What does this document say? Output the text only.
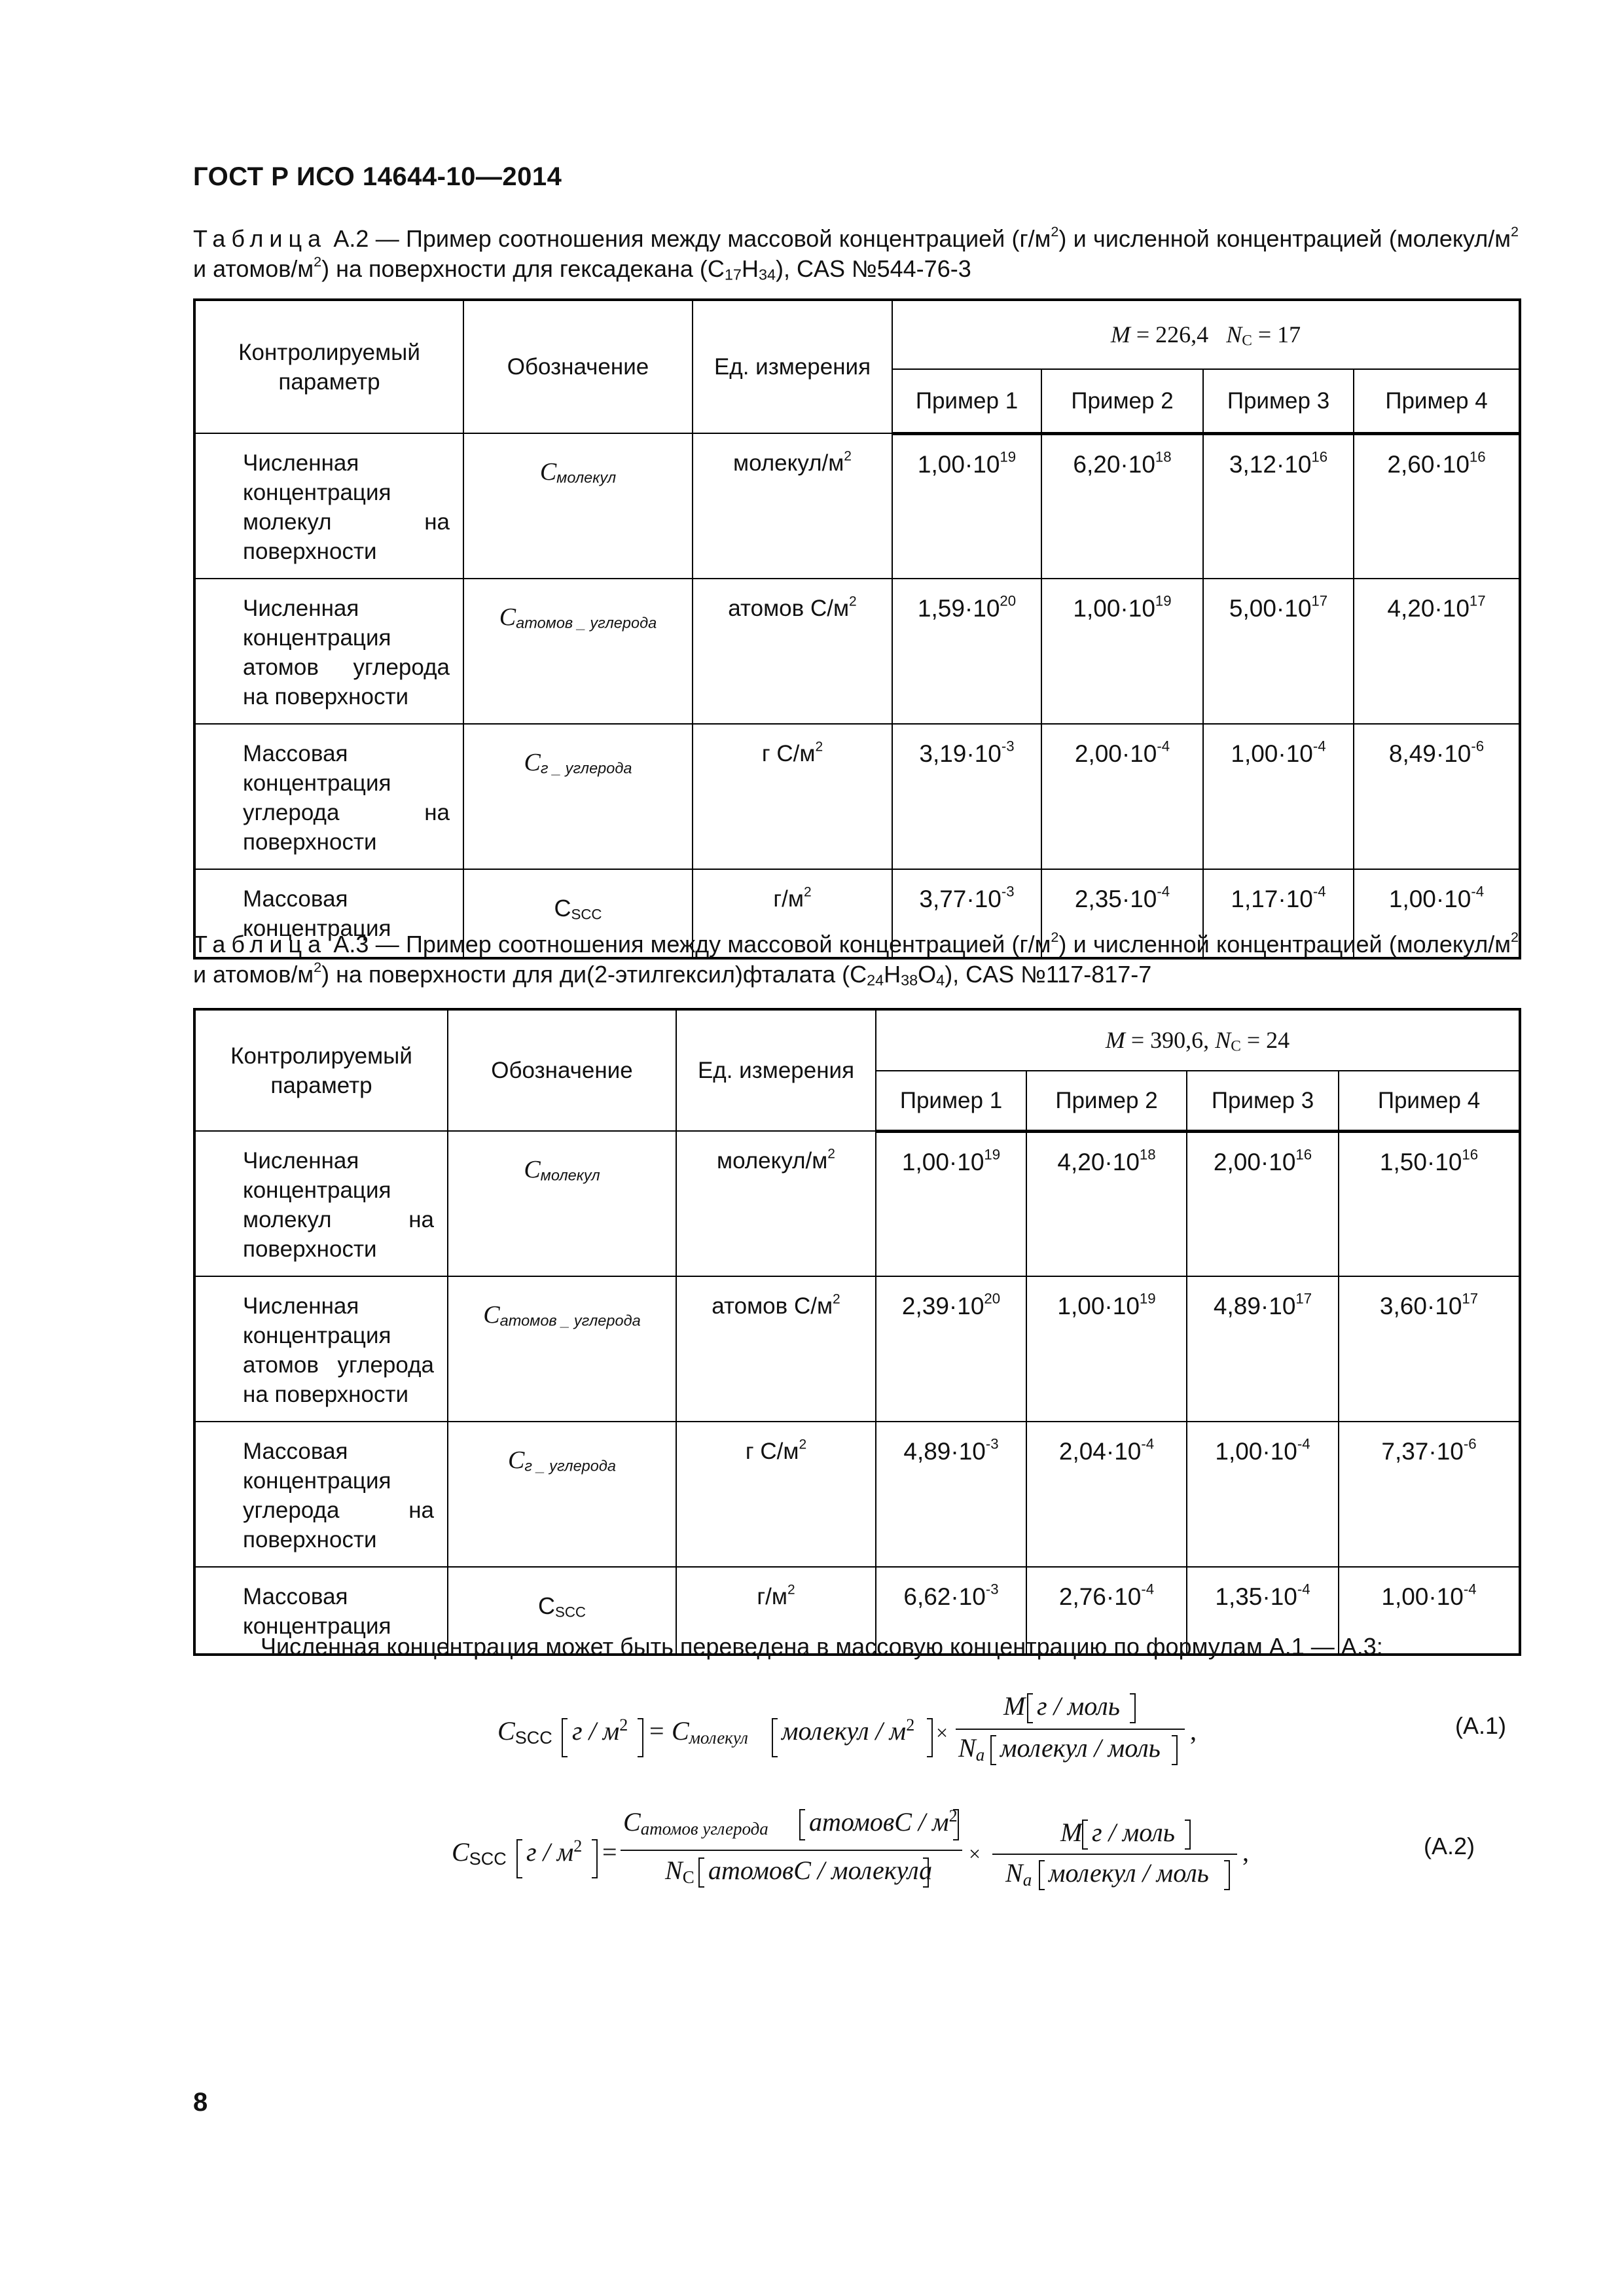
ГОСТ Р ИСО 14644-10—2014
Таблица А.2 — Пример соотношения между массовой концентрацией $(г/м^2)$ и численной концентрацией ($молекул/м^2$ и атомов/$м^2$) на поверхности для гексадекана $(С_{17}Н_{34})$, CAS №544-76-3
Контролируемый параметр	Обозначение	Ед. измерения	M = 226,4   $N_C = 17$			
			Пример 1	Пример 2	Пример 3	Пример 4
Численная концентрация молекул на поверхности	$C_{молекул}$	молекул/$м^2$	$1,00\cdot 10^{19}$	$6,20\cdot 10^{18}$	$3,12\cdot 10^{16}$	$2,60\cdot 10^{16}$
Численная концентрация атомов углерода на поверхности	$C_{атомов \_ углерода}$	атомов $С/м^2$	$1,59\cdot 10^{20}$	$1,00\cdot 10^{19}$	$5,00\cdot 10^{17}$	$4,20\cdot 10^{17}$
Массовая концентрация углерода на поверхности	$C_{г \_ углерода}$	г $С/м^2$	$3,19\cdot 10^{-3}$	$2,00\cdot 10^{-4}$	$1,00\cdot 10^{-4}$	$8,49\cdot 10^{-6}$
Массовая концентрация	$C_{SCC}$	$г/м^2$	$3,77\cdot 10^{-3}$	$2,35\cdot 10^{-4}$	$1,17\cdot 10^{-4}$	$1,00\cdot 10^{-4}$
Таблица А.3 — Пример соотношения между массовой концентрацией $(г/м^2)$ и численной концентрацией ($молекул/м^2$ и атомов/$м^2$) на поверхности для ди(2-этилгексил)фталата $(С_{24}Н_{38}О_4)$, CAS №117-817-7
Контролируемый параметр	Обозначение	Ед. измерения	M = 390,6, $N_C = 24$			
			Пример 1	Пример 2	Пример 3	Пример 4
Численная концентрация молекул на поверхности	$C_{молекул}$	молекул/$м^2$	$1,00\cdot 10^{19}$	$4,20\cdot 10^{18}$	$2,00\cdot 10^{16}$	$1,50\cdot 10^{16}$
Численная концентрация атомов углерода на поверхности	$C_{атомов \_ углерода}$	атомов $С/м^2$	$2,39\cdot 10^{20}$	$1,00\cdot 10^{19}$	$4,89\cdot 10^{17}$	$3,60\cdot 10^{17}$
Массовая концентрация углерода на поверхности	$C_{г \_ углерода}$	г $С/м^2$	$4,89\cdot 10^{-3}$	$2,04\cdot 10^{-4}$	$1,00\cdot 10^{-4}$	$7,37\cdot 10^{-6}$
Массовая концентрация	$C_{SCC}$	$г/м^2$	$6,62\cdot 10^{-3}$	$2,76\cdot 10^{-4}$	$1,35\cdot 10^{-4}$	$1,00\cdot 10^{-4}$
Численная концентрация может быть переведена в массовую концентрацию по формулам А.1 — А.3:
CSCC г / $м^2$ = Cмолекул молекул / $м^2$ ×
M г / моль
Na молекул / моль
,	(А.1)
CSCC г / $м^2$ =
Cатомов углерода атомовC / $м^2$
NC атомовC / молекула
×
M г / моль
Na молекул / моль
,	(А.2)
8
